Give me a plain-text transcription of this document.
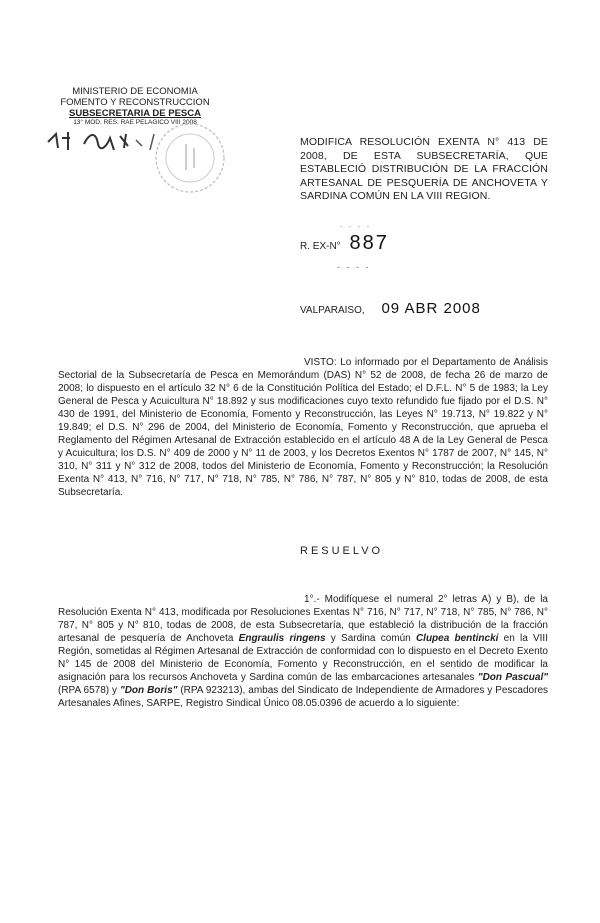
MINISTERIO DE ECONOMIA
FOMENTO Y RECONSTRUCCION
SUBSECRETARIA DE PESCA
13° MOD. RES. RAE PELAGICO VIII 2008
MODIFICA RESOLUCIÓN EXENTA N° 413 DE 2008, DE ESTA SUBSECRETARÍA, QUE ESTABLECIÓ DISTRIBUCIÓN DE LA FRACCIÓN ARTESANAL DE PESQUERÍA DE ANCHOVETA Y SARDINA COMÚN EN LA VIII REGION.
- - - -
R. EX-N° 887
- - - -
VALPARAISO, 09 ABR 2008

VISTO: Lo informado por el Departamento de Análisis Sectorial de la Subsecretaría de Pesca en Memorándum (DAS) N° 52 de 2008, de fecha 26 de marzo de 2008; lo dispuesto en el artículo 32 N° 6 de la Constitución Política del Estado; el D.F.L. N° 5 de 1983; la Ley General de Pesca y Acuicultura N° 18.892 y sus modificaciones cuyo texto refundido fue fijado por el D.S. N° 430 de 1991, del Ministerio de Economía, Fomento y Reconstrucción, las Leyes N° 19.713, N° 19.822 y N° 19.849; el D.S. N° 296 de 2004, del Ministerio de Economía, Fomento y Reconstrucción, que aprueba el Reglamento del Régimen Artesanal de Extracción establecido en el artículo 48 A de la Ley General de Pesca y Acuicultura; los D.S. N° 409 de 2000 y N° 11 de 2003, y los Decretos Exentos N° 1787 de 2007, N° 145, N° 310, N° 311 y N° 312 de 2008, todos del Ministerio de Economía, Fomento y Reconstrucción; la Resolución Exenta N° 413, N° 716, N° 717, N° 718, N° 785, N° 786, N° 787, N° 805 y N° 810, todas de 2008, de esta Subsecretaría.

RESUELVO

1°.- Modifíquese el numeral 2° letras A) y B), de la Resolución Exenta N° 413, modificada por Resoluciones Exentas N° 716, N° 717, N° 718, N° 785, N° 786, N° 787, N° 805 y N° 810, todas de 2008, de esta Subsecretaría, que estableció la distribución de la fracción artesanal de pesquería de Anchoveta Engraulis ringens y Sardina común Clupea bentincki en la VIII Región, sometidas al Régimen Artesanal de Extracción de conformidad con lo dispuesto en el Decreto Exento N° 145 de 2008 del Ministerio de Economía, Fomento y Reconstrucción, en el sentido de modificar la asignación para los recursos Anchoveta y Sardina común de las embarcaciones artesanales "Don Pascual" (RPA 6578) y "Don Boris" (RPA 923213), ambas del Sindicato de Independiente de Armadores y Pescadores Artesanales Afines, SARPE, Registro Sindical Único 08.05.0396 de acuerdo a lo siguiente:
